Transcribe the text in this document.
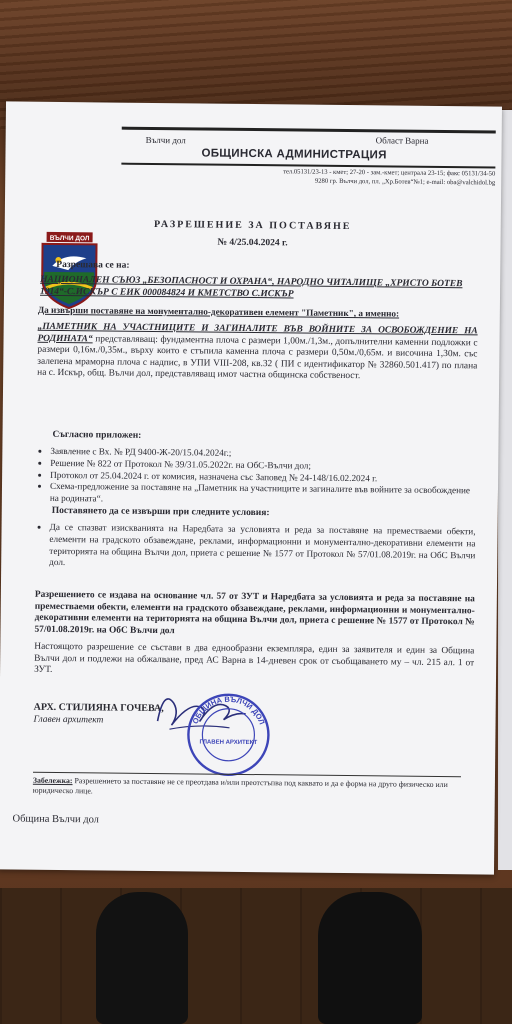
ВЪЛЧИ ДОЛ
Вълчи дол	Област Варна
ОБЩИНСКА АДМИНИСТРАЦИЯ
тел.05131/23-13 - кмет; 27-20 - зам.-кмет; централа 23-15; факс 05131/34-50
9280 гр. Вълчи дол, пл. „Хр.Ботев“№1; e-mail: oba@valchidol.bg
РАЗРЕШЕНИЕ ЗА ПОСТАВЯНЕ
№ 4/25.04.2024 г.
Разрешава се на:
НАЦИОНАЛЕН СЪЮЗ „БЕЗОПАСНОСТ И ОХРАНА“, НАРОДНО ЧИТАЛИЩЕ „ХРИСТО БОТЕВ 1914“-С.ИСКЪР С ЕИК 000084824 И КМЕТСТВО С.ИСКЪР
Да извърши поставяне на монументално-декоративен елемент "Паметник", а именно:
„ПАМЕТНИК НА УЧАСТНИЦИТЕ И ЗАГИНАЛИТЕ ВЪВ ВОЙНИТЕ ЗА ОСВОБОЖДЕНИЕ НА РОДИНАТА“ представляващ: фундаментна плоча с размери 1,00м./1,3м., допълнителни каменни подложки с размери 0,16м./0,35м., върху които е стъпила каменна плоча с размери 0,50м./0,65м. и височина 1,30м. със залепена мраморна плоча с надпис, в УПИ VIII-208, кв.32 ( ПИ с идентификатор № 32860.501.417) по плана на с. Искър, общ. Вълчи дол, представляващ имот частна общинска собственост.
Съгласно приложен:
• Заявление с Вх. № РД 9400-Ж-20/15.04.2024г.;
• Решение № 822 от Протокол № 39/31.05.2022г. на ОбС-Вълчи дол;
• Протокол от 25.04.2024 г. от комисия, назначена със Заповед № 24-148/16.02.2024 г.
• Схема-предложение за поставяне на „Паметник на участниците и загиналите във войните за освобождение на родината“.
Поставянето да се извърши при следните условия:
• Да се спазват изискванията на Наредбата за условията и реда за поставяне на преместваеми обекти, елементи на градското обзавеждане, реклами, информационни и монументално-декоративни елементи на територията на община Вълчи дол, приета с решение № 1577 от Протокол № 57/01.08.2019г. на ОбС Вълчи дол.
Разрешението се издава на основание чл. 57 от ЗУТ и Наредбата за условията и реда за поставяне на преместваеми обекти, елементи на градското обзавеждане, реклами, информационни и монументално-декоративни елементи на територията на община Вълчи дол, приета с решение № 1577 от Протокол № 57/01.08.2019г. на ОбС Вълчи дол
Настоящото разрешение се състави в два еднообразни екземпляра, един за заявителя и един за Община Вълчи дол и подлежи на обжалване, пред АС Варна в 14-дневен срок от съобщаването му – чл. 215 ал. 1 от ЗУТ.
АРХ. СТИЛИЯНА ГОЧЕВА,
Главен архитект	ОБЩИНА ВЪЛЧИ ДОЛ
ГЛАВЕН АРХИТЕКТ
Забележка: Разрешението за поставяне не се преотдава и/или преотстъпва под каквато и да е форма на друго физическо или юридическо лице.
Община Вълчи дол
